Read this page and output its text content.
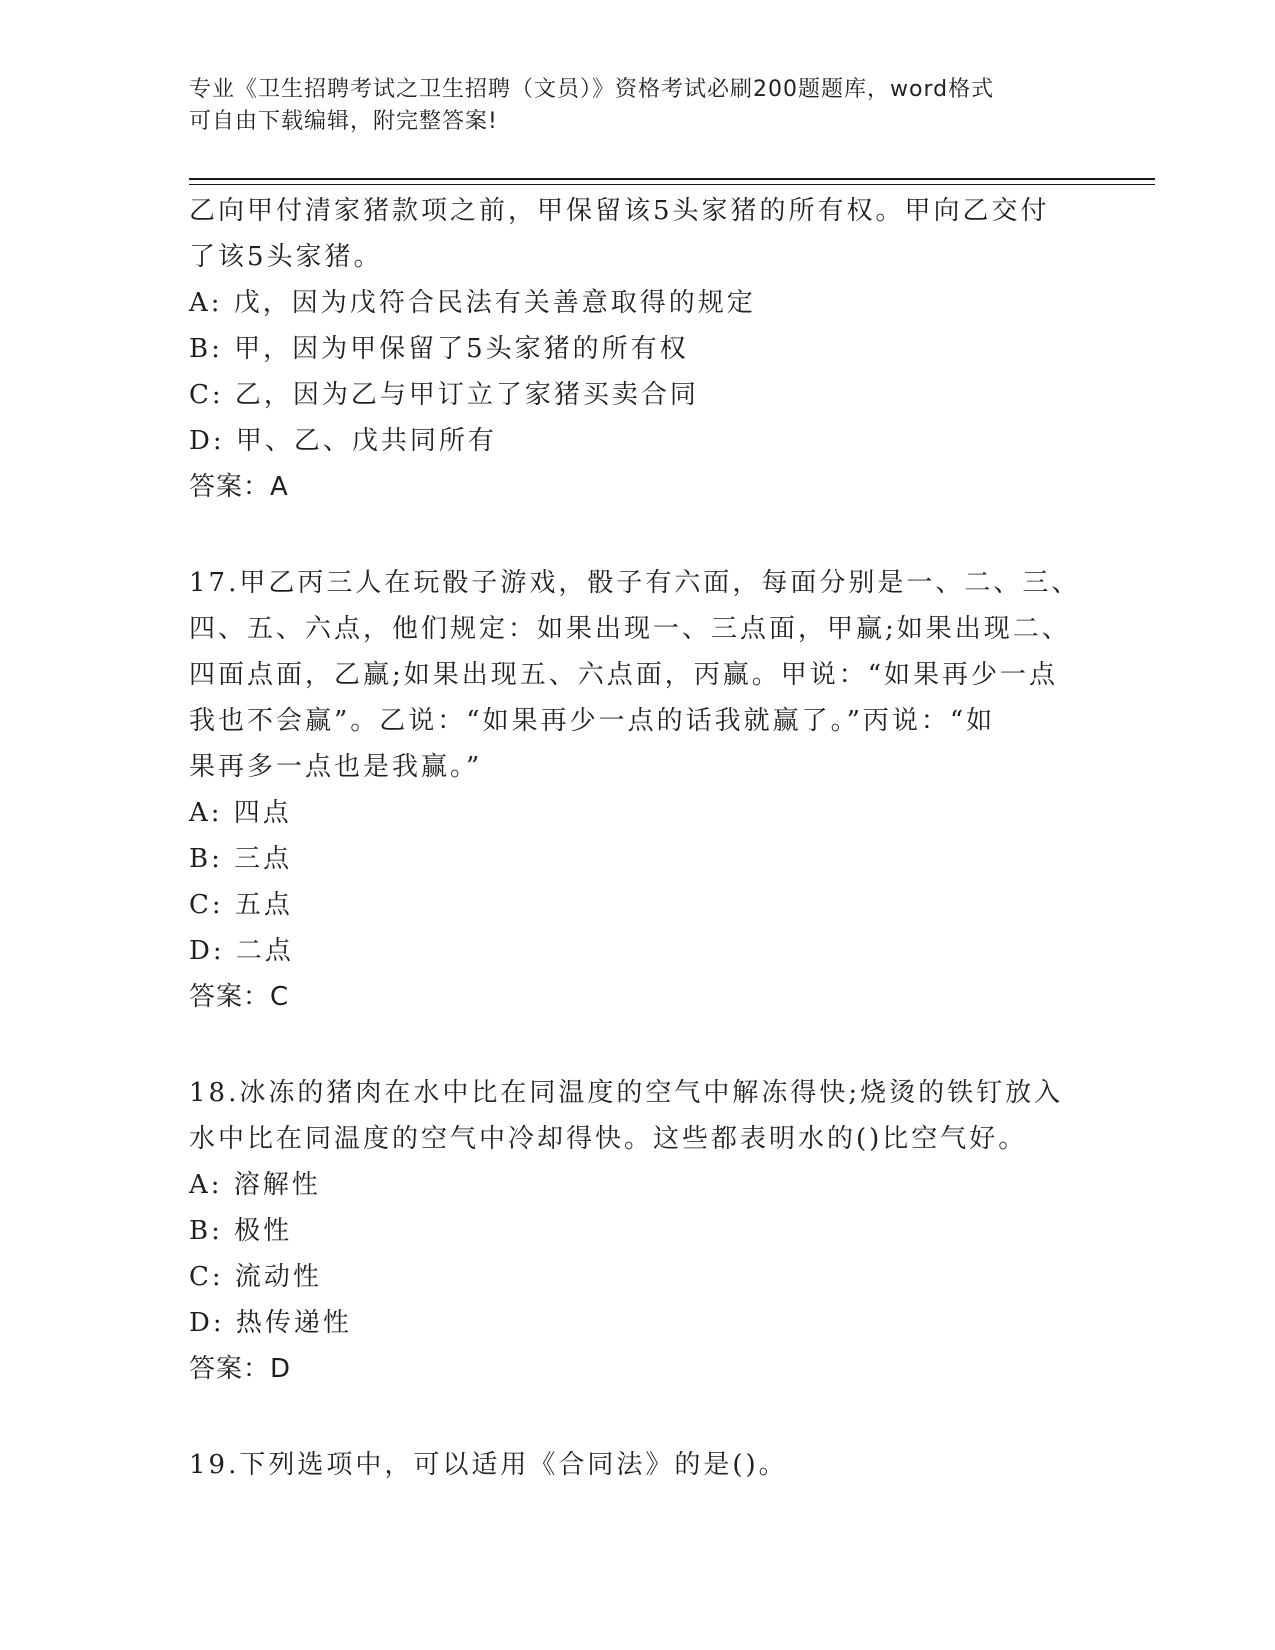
专业《卫生招聘考试之卫生招聘（文员）》资格考试必刷200题题库，word格式
可自由下载编辑，附完整答案!
乙向甲付清家猪款项之前，甲保留该5头家猪的所有权。甲向乙交付
了该5头家猪。
A: 戊，因为戊符合民法有关善意取得的规定
B: 甲，因为甲保留了5头家猪的所有权
C: 乙，因为乙与甲订立了家猪买卖合同
D: 甲、乙、戊共同所有
答案：A
17.甲乙丙三人在玩骰子游戏，骰子有六面，每面分别是一、二、三、
四、五、六点，他们规定：如果出现一、三点面，甲赢;如果出现二、
四面点面，乙赢;如果出现五、六点面，丙赢。甲说：“如果再少一点
我也不会赢”。乙说：“如果再少一点的话我就赢了。”丙说：“如
果再多一点也是我赢。”
A: 四点
B: 三点
C: 五点
D: 二点
答案：C
18.冰冻的猪肉在水中比在同温度的空气中解冻得快;烧烫的铁钉放入
水中比在同温度的空气中冷却得快。这些都表明水的()比空气好。
A: 溶解性
B: 极性
C: 流动性
D: 热传递性
答案：D
19.下列选项中，可以适用《合同法》的是()。
